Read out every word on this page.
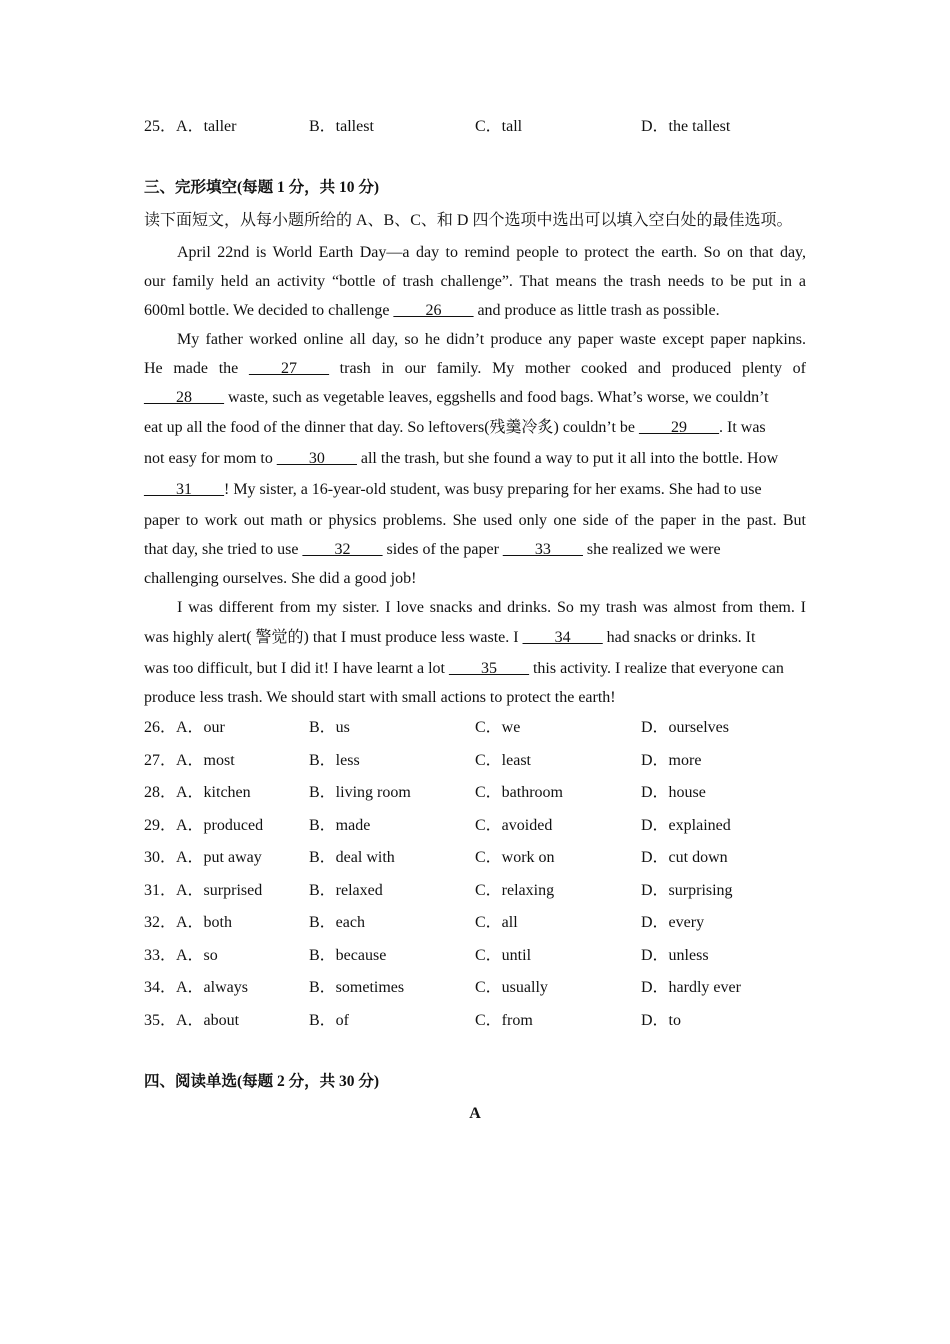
25．A．taller	B．tallest	C．tall	D．the tallest
三、完形填空(每题 1 分，共 10 分)
读下面短文，从每小题所给的 A、B、C、和 D 四个选项中选出可以填入空白处的最佳选项。
April 22nd is World Earth Day—a day to remind people to protect the earth. So on that day,
our family held an activity “bottle of trash challenge”. That means the trash needs to be put in a
600ml bottle. We decided to challenge ____26____ and produce as little trash as possible.
My father worked online all day, so he didn’t produce any paper waste except paper napkins.
He made the ____27____ trash in our family. My mother cooked and produced plenty of
____28____ waste, such as vegetable leaves, eggshells and food bags. What’s worse, we couldn’t
eat up all the food of the dinner that day. So leftovers(残羹冷炙) couldn’t be ____29____. It was
not easy for mom to ____30____ all the trash, but she found a way to put it all into the bottle. How
____31____! My sister, a 16-year-old student, was busy preparing for her exams. She had to use
paper to work out math or physics problems. She used only one side of the paper in the past. But
that day, she tried to use ____32____ sides of the paper ____33____ she realized we were
challenging ourselves. She did a good job!
I was different from my sister. I love snacks and drinks. So my trash was almost from them. I
was highly alert( 警觉的) that I must produce less waste. I ____34____ had snacks or drinks. It
was too difficult, but I did it! I have learnt a lot ____35____ this activity. I realize that everyone can
produce less trash. We should start with small actions to protect the earth!
26．A．our	B．us	C．we	D．ourselves
27．A．most	B．less	C．least	D．more
28．A．kitchen	B．living room	C．bathroom	D．house
29．A．produced	B．made	C．avoided	D．explained
30．A．put away	B．deal with	C．work on	D．cut down
31．A．surprised	B．relaxed	C．relaxing	D．surprising
32．A．both	B．each	C．all	D．every
33．A．so	B．because	C．until	D．unless
34．A．always	B．sometimes	C．usually	D．hardly ever
35．A．about	B．of	C．from	D．to
四、阅读单选(每题 2 分，共 30 分)
A
